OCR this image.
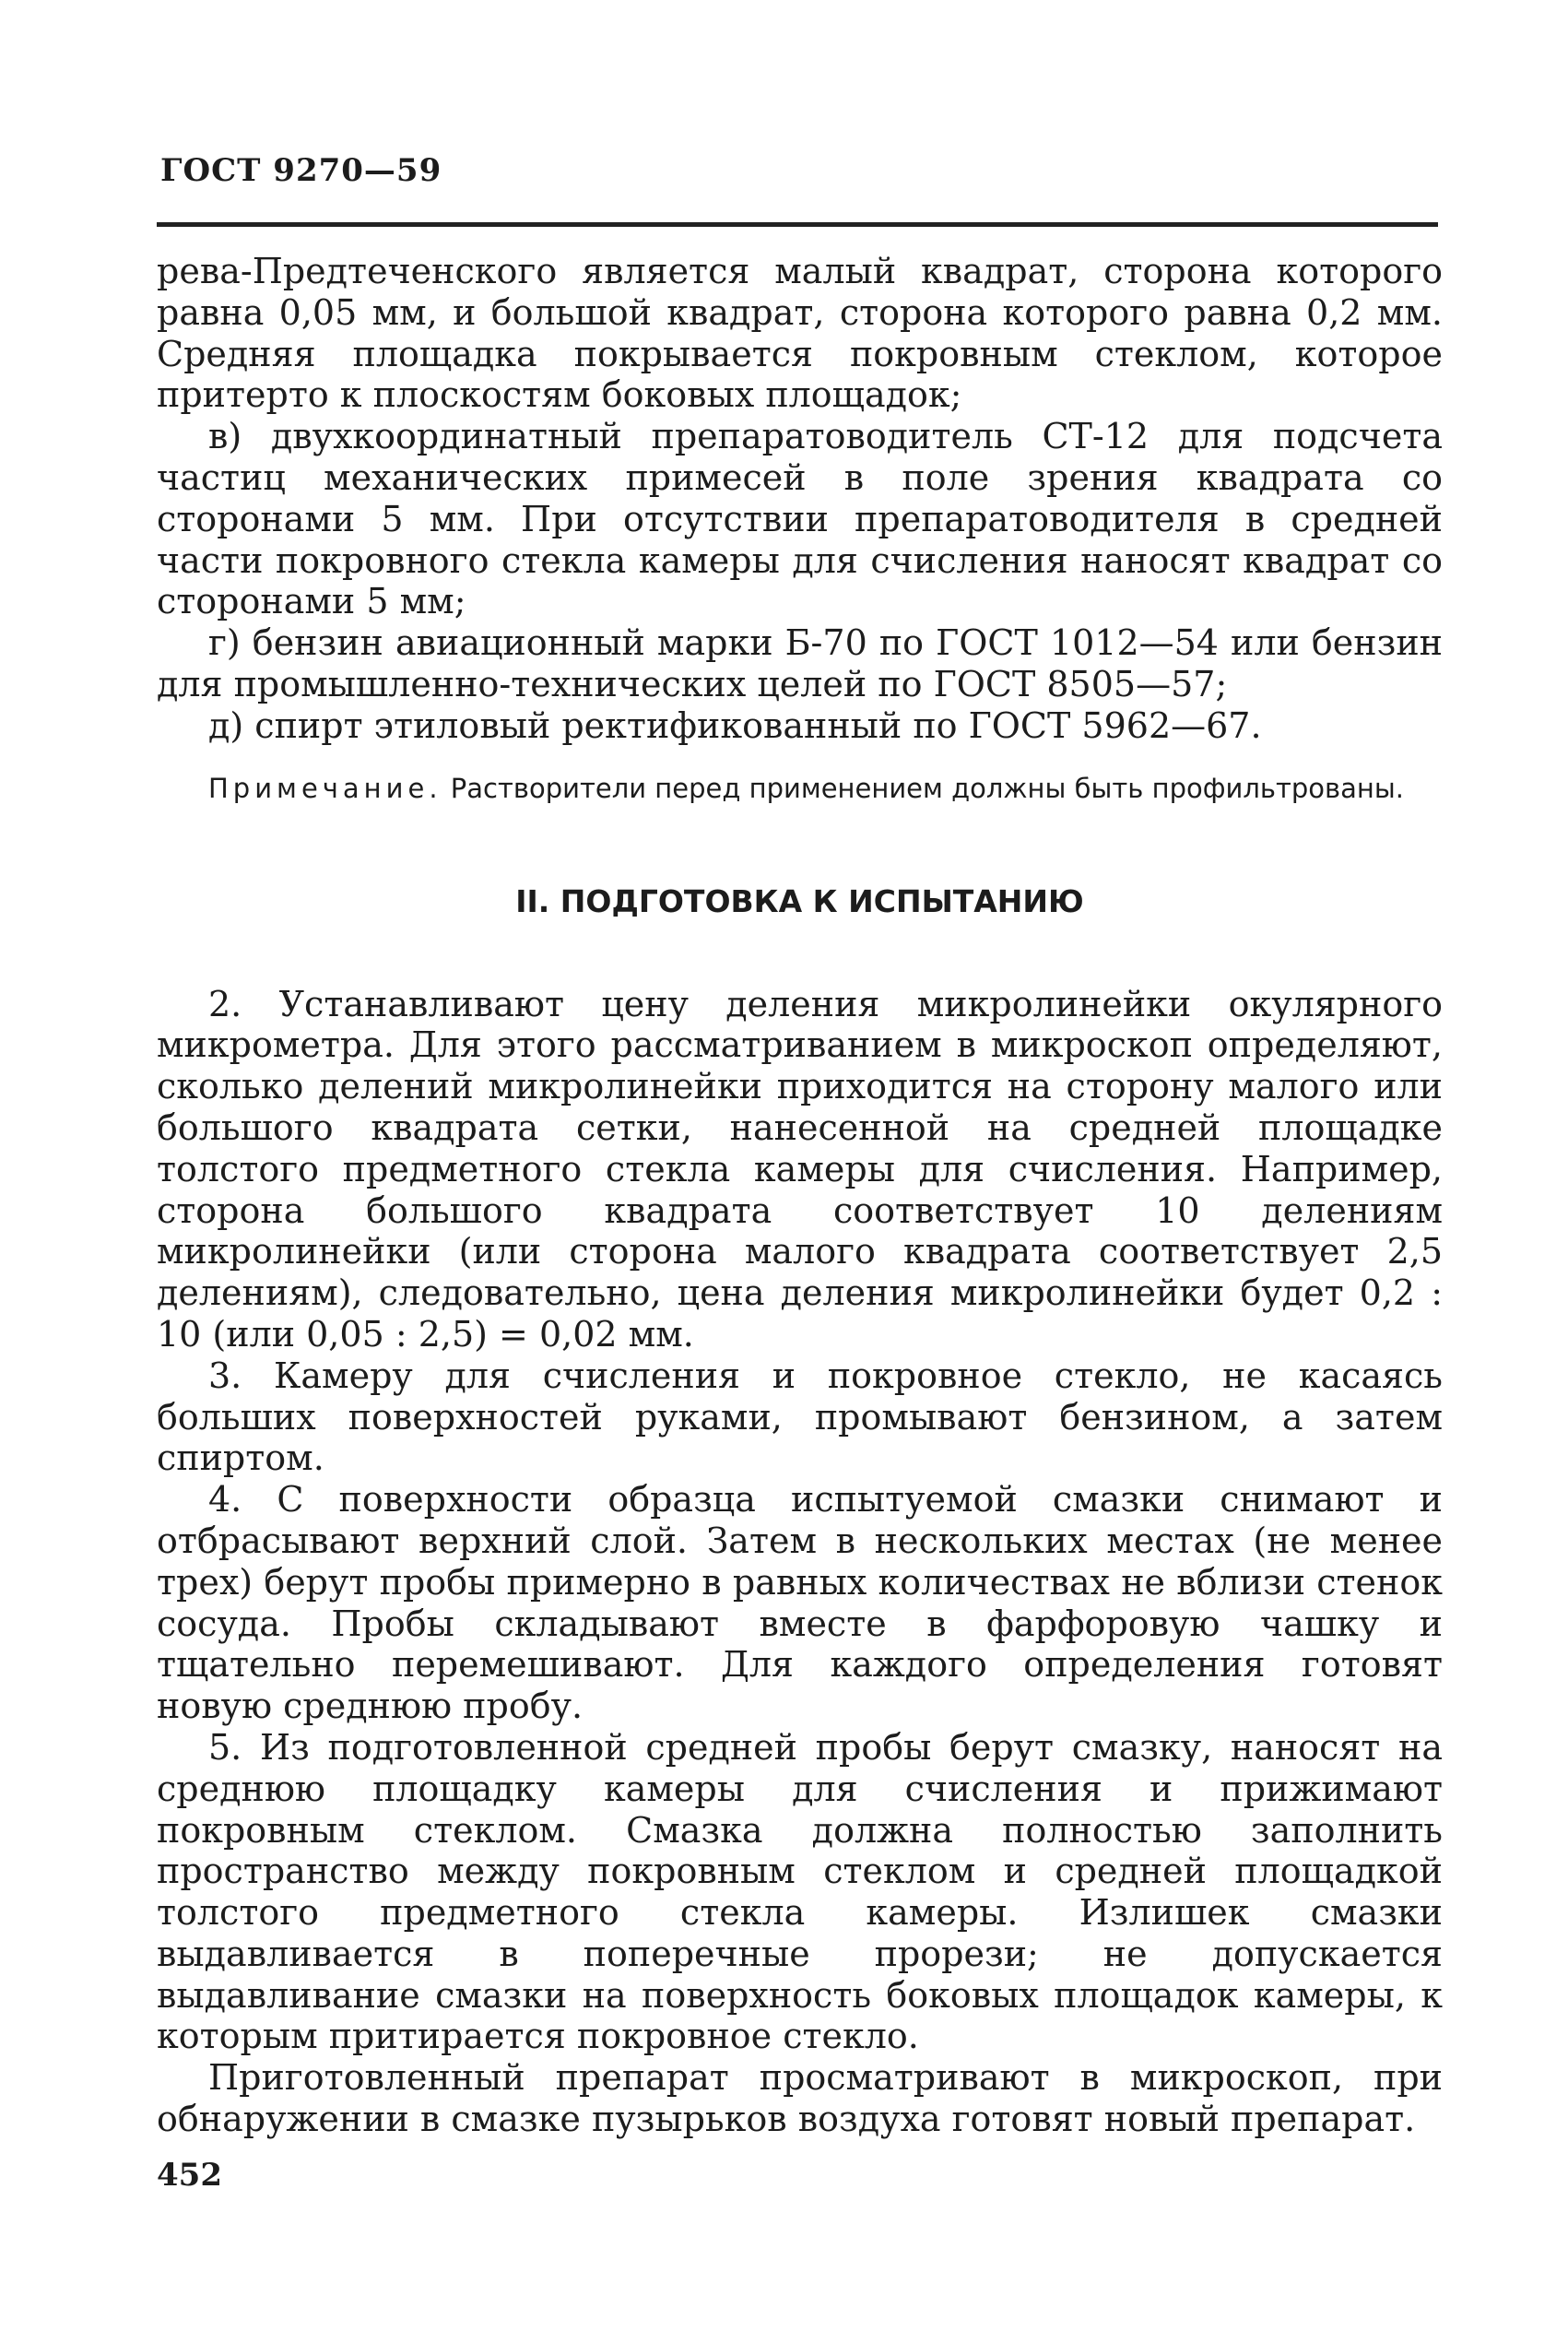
ГОСТ 9270—59

рева-Предтеченского является малый квадрат, сторона которого равна 0,05 мм, и большой квадрат, сторона которого равна 0,2 мм. Средняя площадка покрывается покровным стеклом, которое притерто к плоскостям боковых площадок;

в) двухкоординатный препаратоводитель СТ-12 для подсчета частиц механических примесей в поле зрения квадрата со сторонами 5 мм. При отсутствии препаратоводителя в средней части покровного стекла камеры для счисления наносят квадрат со сторонами 5 мм;

г) бензин авиационный марки Б-70 по ГОСТ 1012—54 или бензин для промышленно-технических целей по ГОСТ 8505—57;

д) спирт этиловый ректификованный по ГОСТ 5962—67.

Примечание. Растворители перед применением должны быть профильтрованы.

II. ПОДГОТОВКА К ИСПЫТАНИЮ

2. Устанавливают цену деления микролинейки окулярного микрометра. Для этого рассматриванием в микроскоп определяют, сколько делений микролинейки приходится на сторону малого или большого квадрата сетки, нанесенной на средней площадке толстого предметного стекла камеры для счисления. Например, сторона большого квадрата соответствует 10 делениям микролинейки (или сторона малого квадрата соответствует 2,5 делениям), следовательно, цена деления микролинейки будет 0,2 : 10 (или 0,05 : 2,5) = 0,02 мм.

3. Камеру для счисления и покровное стекло, не касаясь больших поверхностей руками, промывают бензином, а затем спиртом.

4. С поверхности образца испытуемой смазки снимают и отбрасывают верхний слой. Затем в нескольких местах (не менее трех) берут пробы примерно в равных количествах не вблизи стенок сосуда. Пробы складывают вместе в фарфоровую чашку и тщательно перемешивают. Для каждого определения готовят новую среднюю пробу.

5. Из подготовленной средней пробы берут смазку, наносят на среднюю площадку камеры для счисления и прижимают покровным стеклом. Смазка должна полностью заполнить пространство между покровным стеклом и средней площадкой толстого предметного стекла камеры. Излишек смазки выдавливается в поперечные прорези; не допускается выдавливание смазки на поверхность боковых площадок камеры, к которым притирается покровное стекло.

Приготовленный препарат просматривают в микроскоп, при обнаружении в смазке пузырьков воздуха готовят новый препарат.

452
